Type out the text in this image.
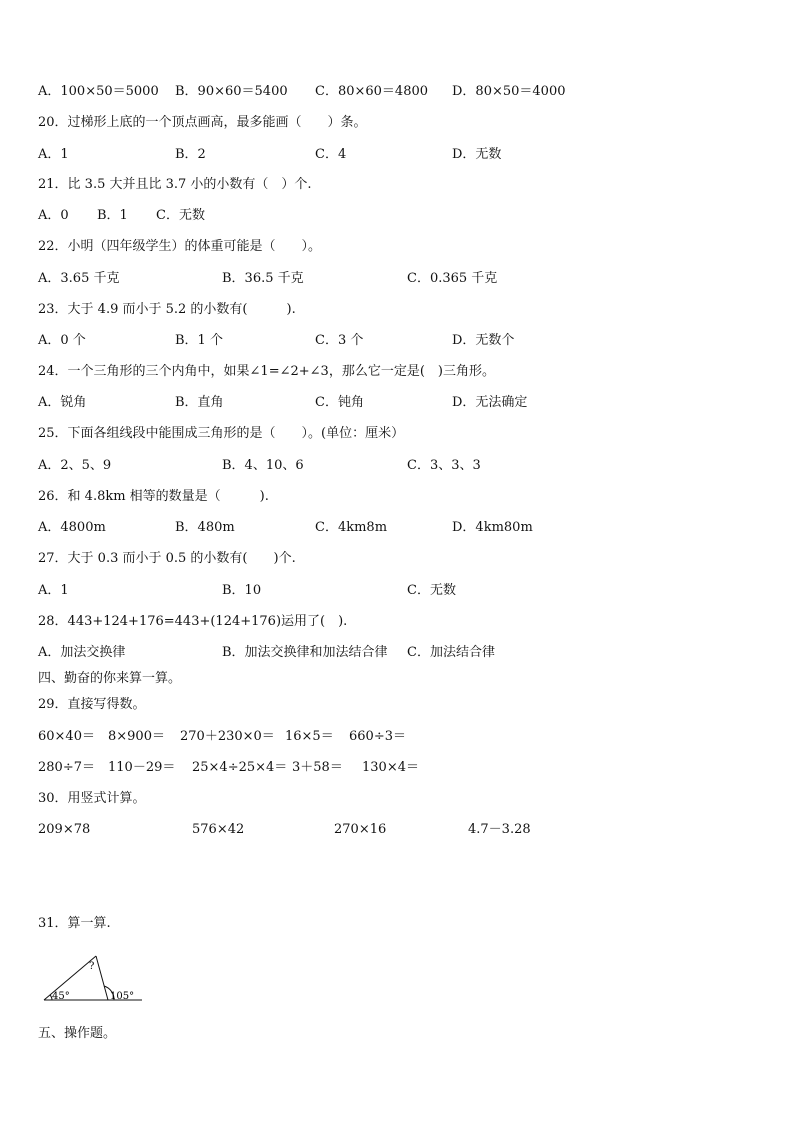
A．100×50＝5000 B．90×60＝5400 C．80×60＝4800 D．80×50＝4000
20．过梯形上底的一个顶点画高，最多能画（　　）条。
A．1	B．2	C．4	D．无数
21．比 3.5 大并且比 3.7 小的小数有（　）个.
A．0 B．1 C．无数
22．小明（四年级学生）的体重可能是（　　）。
A．3.65 千克	B．36.5 千克	C．0.365 千克
23．大于 4.9 而小于 5.2 的小数有(　　　).
A．0 个	B．1 个	C．3 个	D．无数个
24．一个三角形的三个内角中，如果∠1=∠2+∠3，那么它一定是(　)三角形。
A．锐角	B．直角	C．钝角	D．无法确定
25．下面各组线段中能围成三角形的是（　　）。(单位：厘米）
A．2、5、9	B．4、10、6	C．3、3、3
26．和 4.8km 相等的数量是（　　　).
A．4800m	B．480m	C．4km8m	D．4km80m
27．大于 0.3 而小于 0.5 的小数有(　　)个.
A．1	B．10	C．无数
28．443+124+176=443+(124+176)运用了(　).
A．加法交换律	B．加法交换律和加法结合律 C．加法结合律
四、勤奋的你来算一算。
29．直接写得数。
60×40＝ 8×900＝ 270＋230×0＝ 16×5＝ 660÷3＝
280÷7＝ 110－29＝ 25×4÷25×4＝ 3＋58＝ 130×4＝
30．用竖式计算。
209×78	576×42	270×16	4.7－3.28
31．算一算.
45°	105°
?
五、操作题。
